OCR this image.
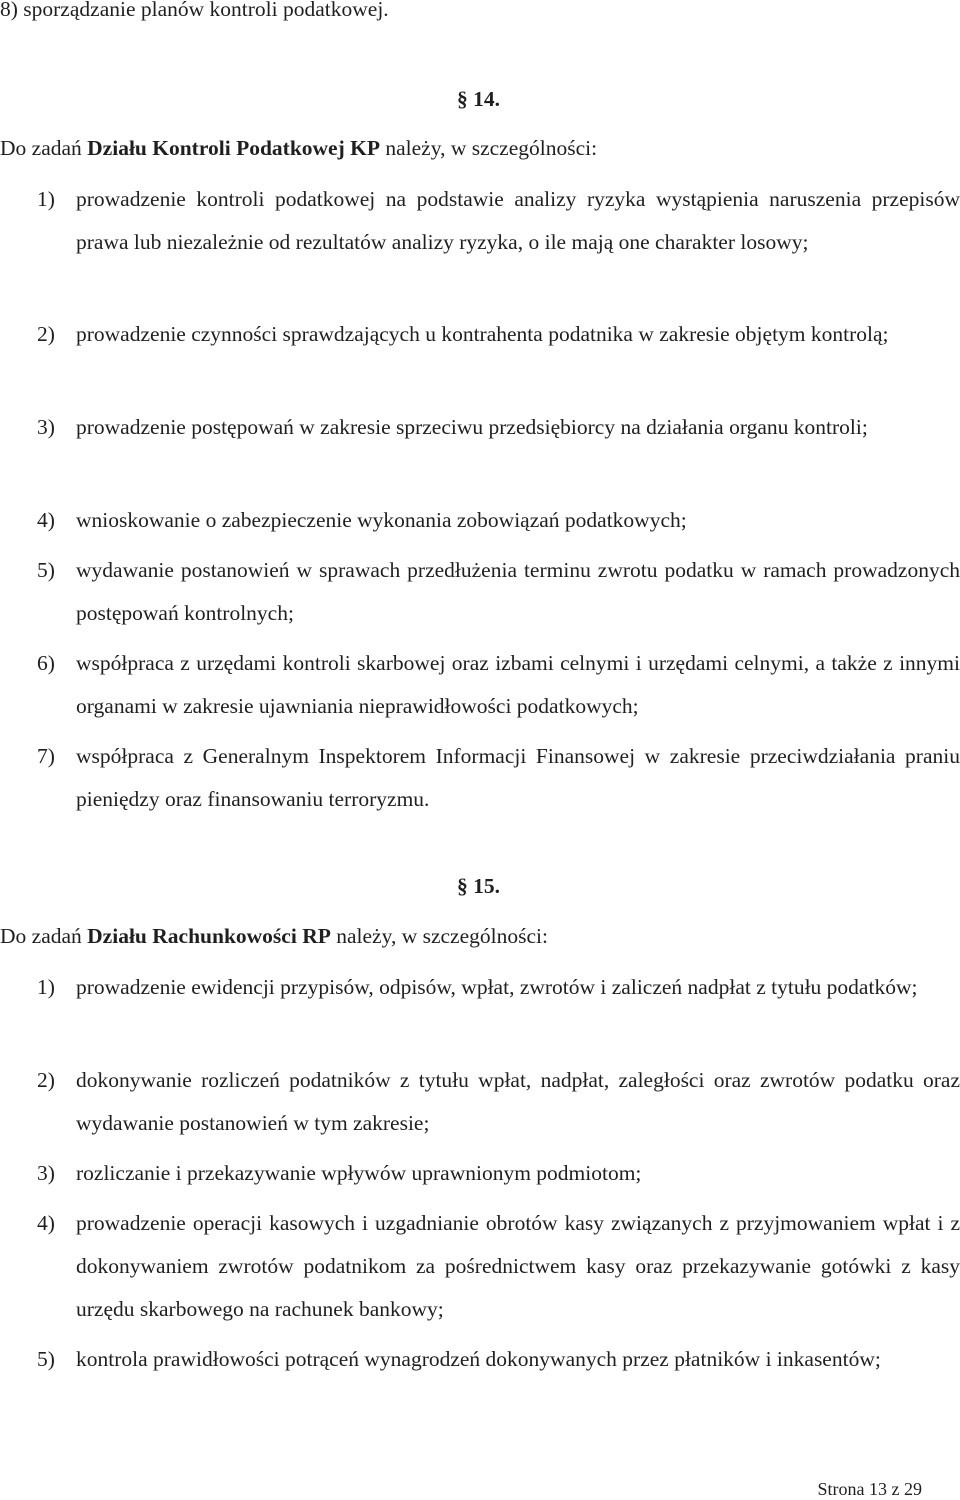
8) sporządzanie planów kontroli podatkowej.
§ 14.
Do zadań Działu Kontroli Podatkowej KP należy, w szczególności:
1) prowadzenie kontroli podatkowej na podstawie analizy ryzyka wystąpienia naruszenia przepisów prawa lub niezależnie od rezultatów analizy ryzyka, o ile mają one charakter losowy;
2) prowadzenie czynności sprawdzających u kontrahenta podatnika w zakresie objętym kontrolą;
3) prowadzenie postępowań w zakresie sprzeciwu przedsiębiorcy na działania organu kontroli;
4) wnioskowanie o zabezpieczenie wykonania zobowiązań podatkowych;
5) wydawanie postanowień w sprawach przedłużenia terminu zwrotu podatku w ramach prowadzonych postępowań kontrolnych;
6) współpraca z urzędami kontroli skarbowej oraz izbami celnymi i urzędami celnymi, a także z innymi organami w zakresie ujawniania nieprawidłowości podatkowych;
7) współpraca z Generalnym Inspektorem Informacji Finansowej w zakresie przeciwdziałania praniu pieniędzy oraz finansowaniu terroryzmu.
§ 15.
Do zadań Działu Rachunkowości RP należy, w szczególności:
1) prowadzenie ewidencji przypisów, odpisów, wpłat, zwrotów i zaliczeń nadpłat z tytułu podatków;
2) dokonywanie rozliczeń podatników z tytułu wpłat, nadpłat, zaległości oraz zwrotów podatku oraz wydawanie postanowień w tym zakresie;
3) rozliczanie i przekazywanie wpływów uprawnionym podmiotom;
4) prowadzenie operacji kasowych i uzgadnianie obrotów kasy związanych z przyjmowaniem wpłat i z dokonywaniem zwrotów podatnikom za pośrednictwem kasy oraz przekazywanie gotówki z kasy urzędu skarbowego na rachunek bankowy;
5) kontrola prawidłowości potrąceń wynagrodzeń dokonywanych przez płatników i inkasentów;
Strona 13 z 29
